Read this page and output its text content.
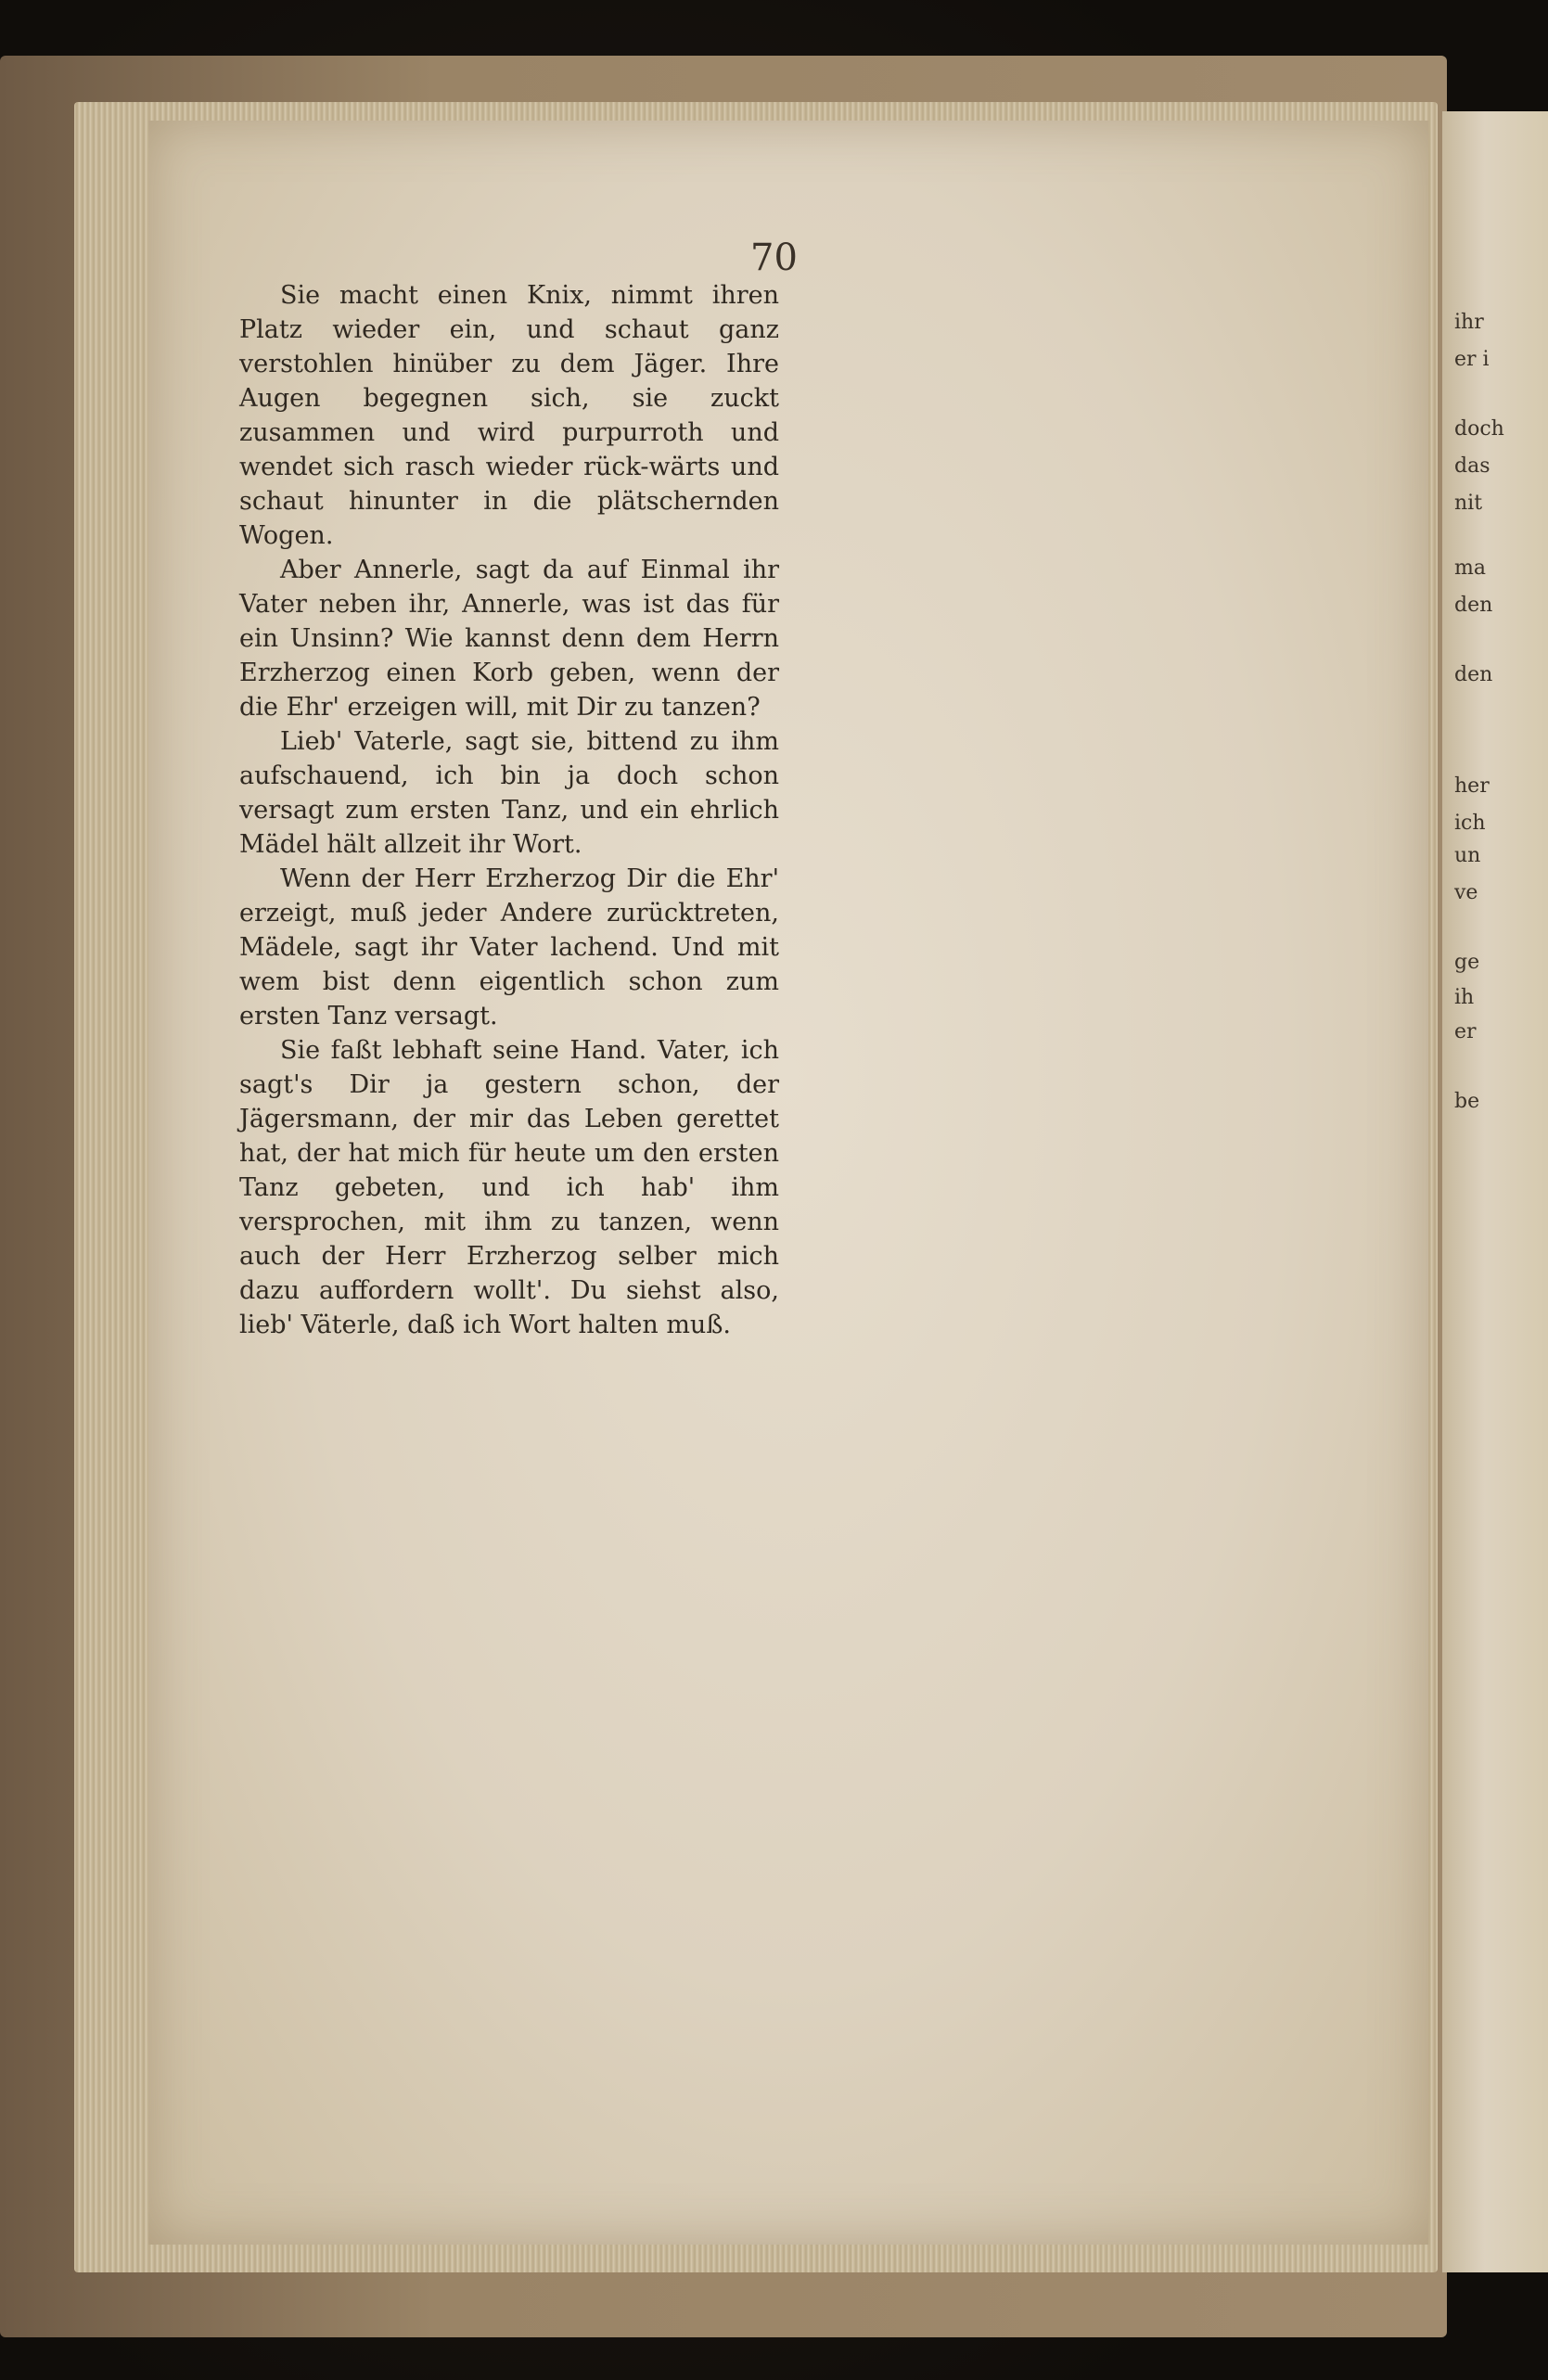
70

Sie macht einen Knix, nimmt ihren Platz wieder ein, und schaut ganz verstohlen hinüber zu dem Jäger. Ihre Augen begegnen sich, sie zuckt zusammen und wird purpurroth und wendet sich rasch wieder rück-wärts und schaut hinunter in die plätschernden Wogen.

Aber Annerle, sagt da auf Einmal ihr Vater neben ihr, Annerle, was ist das für ein Unsinn? Wie kannst denn dem Herrn Erzherzog einen Korb geben, wenn der die Ehr' erzeigen will, mit Dir zu tanzen?

Lieb' Vaterle, sagt sie, bittend zu ihm aufschauend, ich bin ja doch schon versagt zum ersten Tanz, und ein ehrlich Mädel hält allzeit ihr Wort.

Wenn der Herr Erzherzog Dir die Ehr' erzeigt, muß jeder Andere zurücktreten, Mädele, sagt ihr Vater lachend. Und mit wem bist denn eigentlich schon zum ersten Tanz versagt.

Sie faßt lebhaft seine Hand. Vater, ich sagt's Dir ja gestern schon, der Jägersmann, der mir das Leben gerettet hat, der hat mich für heute um den ersten Tanz gebeten, und ich hab' ihm versprochen, mit ihm zu tanzen, wenn auch der Herr Erzherzog selber mich dazu auffordern wollt'. Du siehst also, lieb' Väterle, daß ich Wort halten muß.

ihr
er i
doch
das
nit
ma
den
den
her
ich
un
ve
ge
ih
er
be
